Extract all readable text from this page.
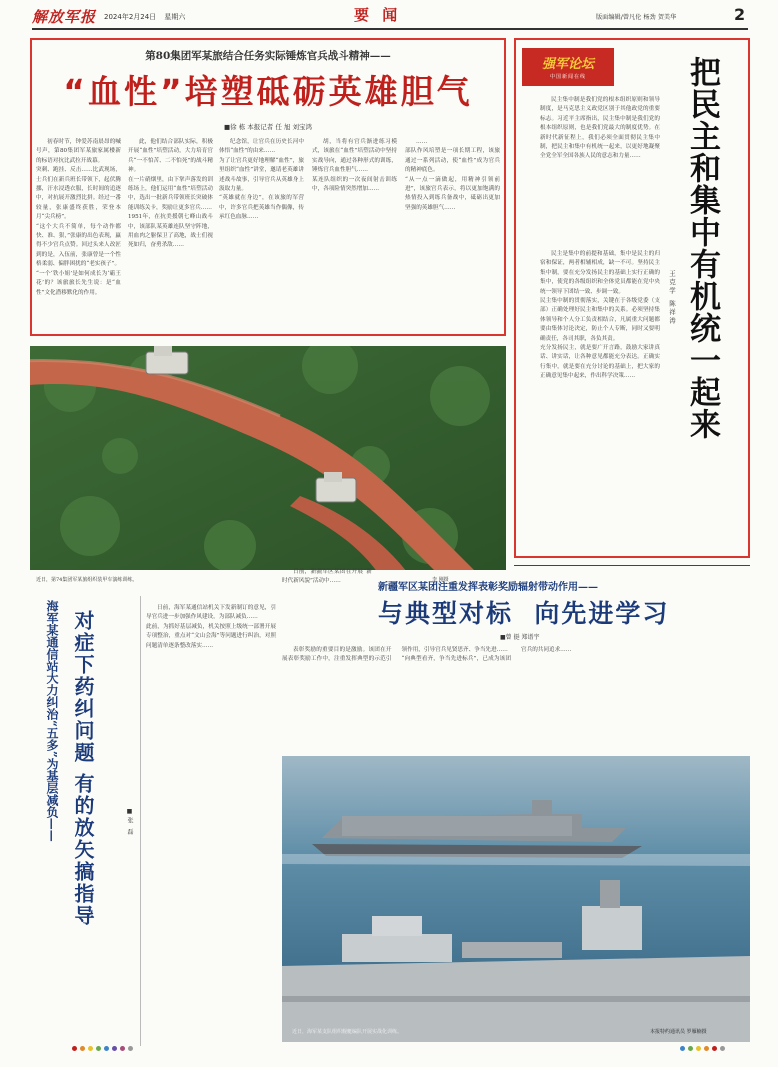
解放军报 2024年2月24日 星期六	要 闻	版面编辑/曾凡伦 杨劲 贺美华	2
第80集团军某旅结合任务实际锤炼官兵战斗精神——
“血性”培塑砥砺英雄胆气
■徐 栋 本报记者 任 旭 刘宝鸿
初春时节，钟爱苏南晨昂的喊号声，第80集团军某旅家属楼新的标语对抗比武拉开战幕。
突刺、跑挂、反击……比武现场，士兵们在新兵班长带领下，起伏腾挪，汗水浸透衣服，长时间的追逐中，对抗展开激烈比拼。经过一番较量，张康盛终获胜，荣登本月“尖兵榜”。
“这个大兵不简单，每个动作都快、准、狠，”张康的出色表现，赢得不少官兵点赞。回过头来人改匠到的是，入伍前，张康曾是一个性格柔弱、偏胖困扰的“老实孩子”。
“一个‘铁小姐’是如何成长为‘霸王花’的？该旅旅长先生说：是“血性”文化潜移默化的作用。
此，他们结合部队实际，积极开展“血性”培塑活动，大力培育官兵“一不怕苦、二不怕死”的战斗精神。
在一片硝烟里，由下掌声落发的训练场上，他们运用“血性”培塑活动中，选出一批新兵带领班长突破体能训练关卡，奖励让更多官兵……
1951年，在抗美援朝七峰山战斗中，该部队某英雄连队坚守阵地，用血肉之躯保卫了高地，战士们视死如归，奋勇杀敌……
纪念馆，让官兵在历史长河中体悟“血性”的由来……
为了让官兵更好地理解“血性”，旅里组织“血性”讲堂，邀请老英雄讲述战斗故事，引导官兵从英雄身上汲取力量。
“英雄就在身边”，在该旅的军营中，许多官兵把英雄当作偶像，传承红色血脉……
胡，当将有官兵渐进练习模式，该旅在“血性”培塑活动中坚持实战导向，通过各种形式的训练，锤炼官兵血性胆气……
某连队组织的一次夜间射击训练中，各项险情突然增加……
……
部队作风培塑是一项长期工程，该旅通过一系列活动，使“血性”成为官兵的精神底色。
“从一点一滴做起，用精神引领前进”，该旅官兵表示，将以更加饱满的热情投入到练兵备战中，砥砺出更加坚强的英雄胆气……
近日，第74集团军某旅组织装甲车演练训练。	李 刚摄
强军论坛
中国新闻在线	把民主和集中有机统一起来
王克学 陈祥涛
民主集中制是我们党的根本组织原则和领导制度，是马克思主义政党区别于其他政党的重要标志。习近平主席指出，民主集中制是我们党的根本组织原则，也是我们党最大的制度优势。在新时代新征程上，我们必须全面贯彻民主集中制，把民主和集中有机统一起来，以更好地凝聚全党全军全国各族人民的意志和力量……
民主是集中的前提和基础，集中是民主的归宿和保证，两者相辅相成，缺一不可。坚持民主集中制，要在充分发扬民主的基础上实行正确的集中，使党的各级组织和全体党员都能在党中央统一领导下团结一致、步调一致。
民主集中制的贯彻落实，关键在于各级党委（支部）正确处理好民主和集中的关系。必须坚持集体领导和个人分工负责相结合，凡属重大问题都要由集体讨论决定，防止个人专断，同时又要明确责任，各司其职，各负其责。
充分发扬民主，就是要广开言路，鼓励大家讲真话、讲实话，让各种意见都能充分表达。正确实行集中，就是要在充分讨论的基础上，把大家的正确意见集中起来，作出科学决策……
海军某通信站大力纠治“五多”为基层减负—— 对症下药纠问题 有的放矢搞指导	■张 磊
日前，海军某通信站机关下发新制订的意见，引导官兵进一步加强作风建设，为部队减负……
此前，为抓好基层减负，机关按照上级统一部署开展专项整治，重点对“文山会海”等问题进行纠治，对照问题清单逐条整改落实……
日前，新疆军区某团在开展“新时代新风貌”活动中……
新疆军区某团注重发挥表彰奖励辐射带动作用——
与典型对标  向先进学习
■曾 挺 郑谱宇
表彰奖励的重要目的是激励。该团在开展表彰奖励工作中，注重发挥典型的示范引领作用，引导官兵见贤思齐、争当先进……
“向典型看齐，争当先进标兵”，已成为该团官兵的共同追求……
近日，海军某支队组织舰艇编队开展实战化训练。	本报特约通讯员 罗雁楠摄
